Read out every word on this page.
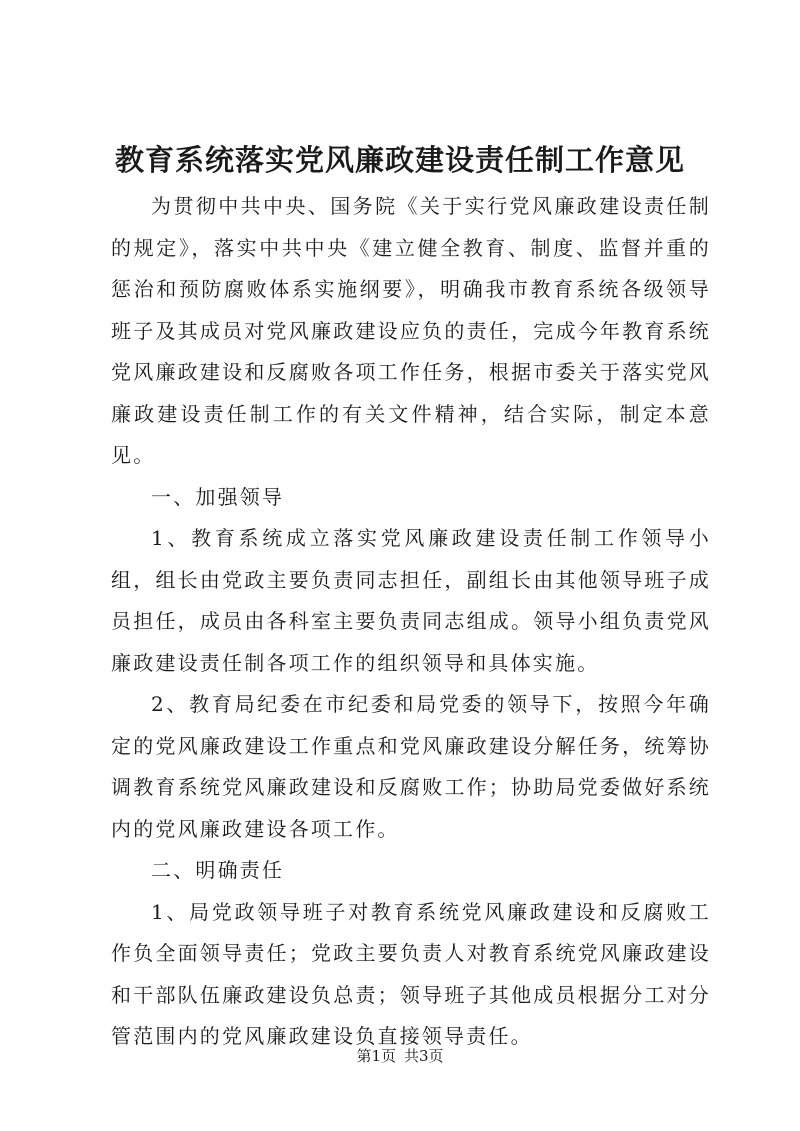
教育系统落实党风廉政建设责任制工作意见

为贯彻中共中央、国务院《关于实行党风廉政建设责任制的规定》，落实中共中央《建立健全教育、制度、监督并重的惩治和预防腐败体系实施纲要》，明确我市教育系统各级领导班子及其成员对党风廉政建设应负的责任，完成今年教育系统党风廉政建设和反腐败各项工作任务，根据市委关于落实党风廉政建设责任制工作的有关文件精神，结合实际，制定本意见。

一、加强领导

1、教育系统成立落实党风廉政建设责任制工作领导小组，组长由党政主要负责同志担任，副组长由其他领导班子成员担任，成员由各科室主要负责同志组成。领导小组负责党风廉政建设责任制各项工作的组织领导和具体实施。

2、教育局纪委在市纪委和局党委的领导下，按照今年确定的党风廉政建设工作重点和党风廉政建设分解任务，统筹协调教育系统党风廉政建设和反腐败工作；协助局党委做好系统内的党风廉政建设各项工作。

二、明确责任

1、局党政领导班子对教育系统党风廉政建设和反腐败工作负全面领导责任；党政主要负责人对教育系统党风廉政建设和干部队伍廉政建设负总责；领导班子其他成员根据分工对分管范围内的党风廉政建设负直接领导责任。

第1页 共3页
